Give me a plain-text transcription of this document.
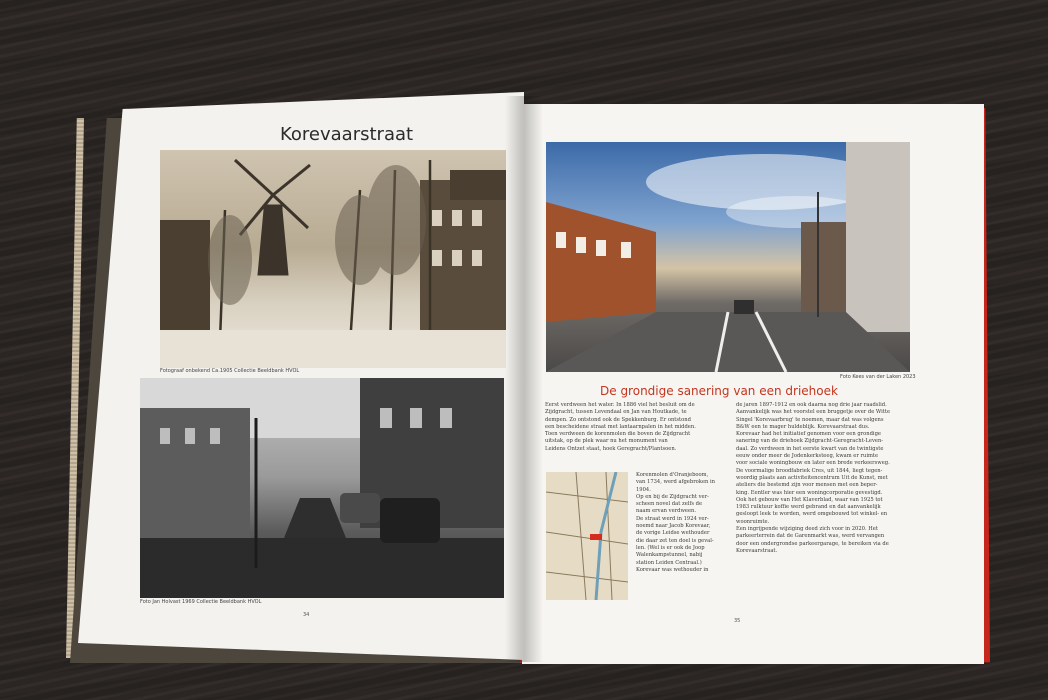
Korevaarstraat
Fotograaf onbekend Ca.1905 Collectie Beeldbank HVOL
Foto Jan Holvast 1969 Collectie Beeldbank HVOL
34
Foto Kees van der Laken 2023
De grondige sanering van een driehoek
Eerst verdween het water. In 1886 viel het besluit om de
Zijdgracht, tussen Levendaal en Jan van Houtkade, te
dempen. Zo ontstond ook de Spekkenburg. Er ontstond
een bescheidene straat met lantaarnpalen in het midden.
Toen verdween de korenmolen die boven de Zijdgracht
uitstak, op de plek waar nu het monument van
Leidens Ontzet staat, hoek Geregracht/Plantsoen.
Korenmolen d'Oranjeboom,
van 1734, werd afgebroken in
1904.
Op en bij de Zijdgracht ver-
scheen novel dat zelfs de
naam ervan verdween.
De straat werd in 1924 ver-
noemd naar Jacob Korevaar,
de vorige Leidse wethouder
die daar zet ten doel is geval-
len. (Wel is er ook de Joop
Walenkampstunnel, nabij
station Leiden Centraal.)
Korevaar was wethouder in
de jaren 1897-1912 en ook daarna nog drie jaar raadslid.
Aanvankelijk was het voorstel een bruggetje over de Witte
Singel 'Korevaarbrug' te noemen, maar dat was volgens
B&W een te mager huldeblijk. Korevaarstraat dus.
Korevaar had het initiatief genomen voor een grondige
sanering van de driehoek Zijdgracht-Geregracht-Leven-
daal. Zo verdween in het eerste kwart van de twintigste
eeuw onder meer de Jodenkerksteeg, kwam er ruimte
voor sociale woningbouw en later een brede verkeersweg.
De voormalige broodfabriek Cres, uit 1844, liegt tegen-
woordig plaats aan activiteitencentrum Uit de Kunst, met
ateliers die bestemd zijn voor mensen met een beper-
king. Eentler was hier een woningcorporatie gevestigd.
Ook het gebouw van Het Klaverblad, waar van 1925 tot
1983 rulktuur koffie werd gebrand en dat aanvankelijk
gesloopt leek te worden, werd omgebouwd tot winkel- en
woonruimte.
Een ingrijpende wijziging deed zich voor in 2020. Het
parkeerterrein dat de Garenmarkt was, werd vervangen
door een ondergrondse parkeergarage, te bereiken via de
Korevaarstraat.
35
